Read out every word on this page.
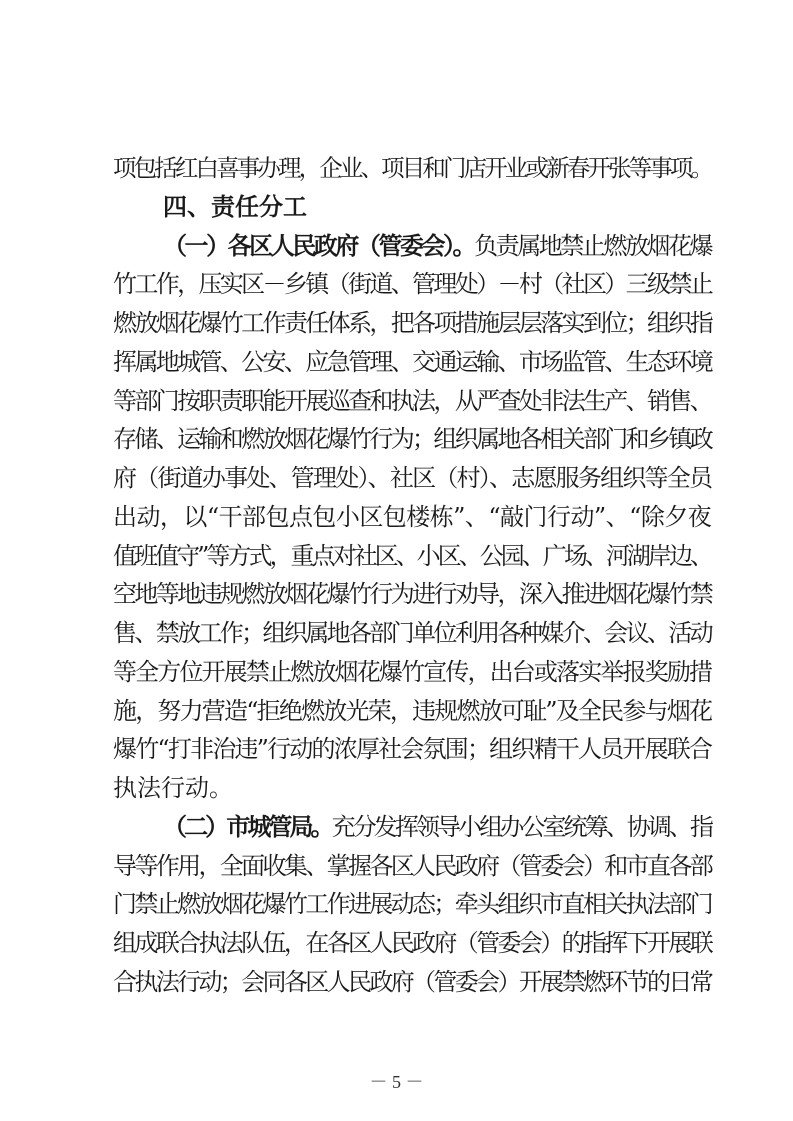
项包括红白喜事办理，企业、项目和门店开业或新春开张等事项。
四、责任分工
（一）各区人民政府（管委会）。负责属地禁止燃放烟花爆
竹工作，压实区－乡镇（街道、管理处）－村（社区）三级禁止
燃放烟花爆竹工作责任体系，把各项措施层层落实到位；组织指
挥属地城管、公安、应急管理、交通运输、市场监管、生态环境
等部门按职责职能开展巡查和执法，从严查处非法生产、销售、
存储、运输和燃放烟花爆竹行为；组织属地各相关部门和乡镇政
府（街道办事处、管理处）、社区（村）、志愿服务组织等全员
出动，以“干部包点包小区包楼栋”、“敲门行动”、“除夕夜
值班值守”等方式，重点对社区、小区、公园、广场、河湖岸边、
空地等地违规燃放烟花爆竹行为进行劝导，深入推进烟花爆竹禁
售、禁放工作；组织属地各部门单位利用各种媒介、会议、活动
等全方位开展禁止燃放烟花爆竹宣传，出台或落实举报奖励措
施，努力营造“拒绝燃放光荣，违规燃放可耻”及全民参与烟花
爆竹“打非治违”行动的浓厚社会氛围；组织精干人员开展联合
执法行动。
（二）市城管局。充分发挥领导小组办公室统筹、协调、指
导等作用，全面收集、掌握各区人民政府（管委会）和市直各部
门禁止燃放烟花爆竹工作进展动态；牵头组织市直相关执法部门
组成联合执法队伍，在各区人民政府（管委会）的指挥下开展联
合执法行动；会同各区人民政府（管委会）开展禁燃环节的日常
－ 5 －
